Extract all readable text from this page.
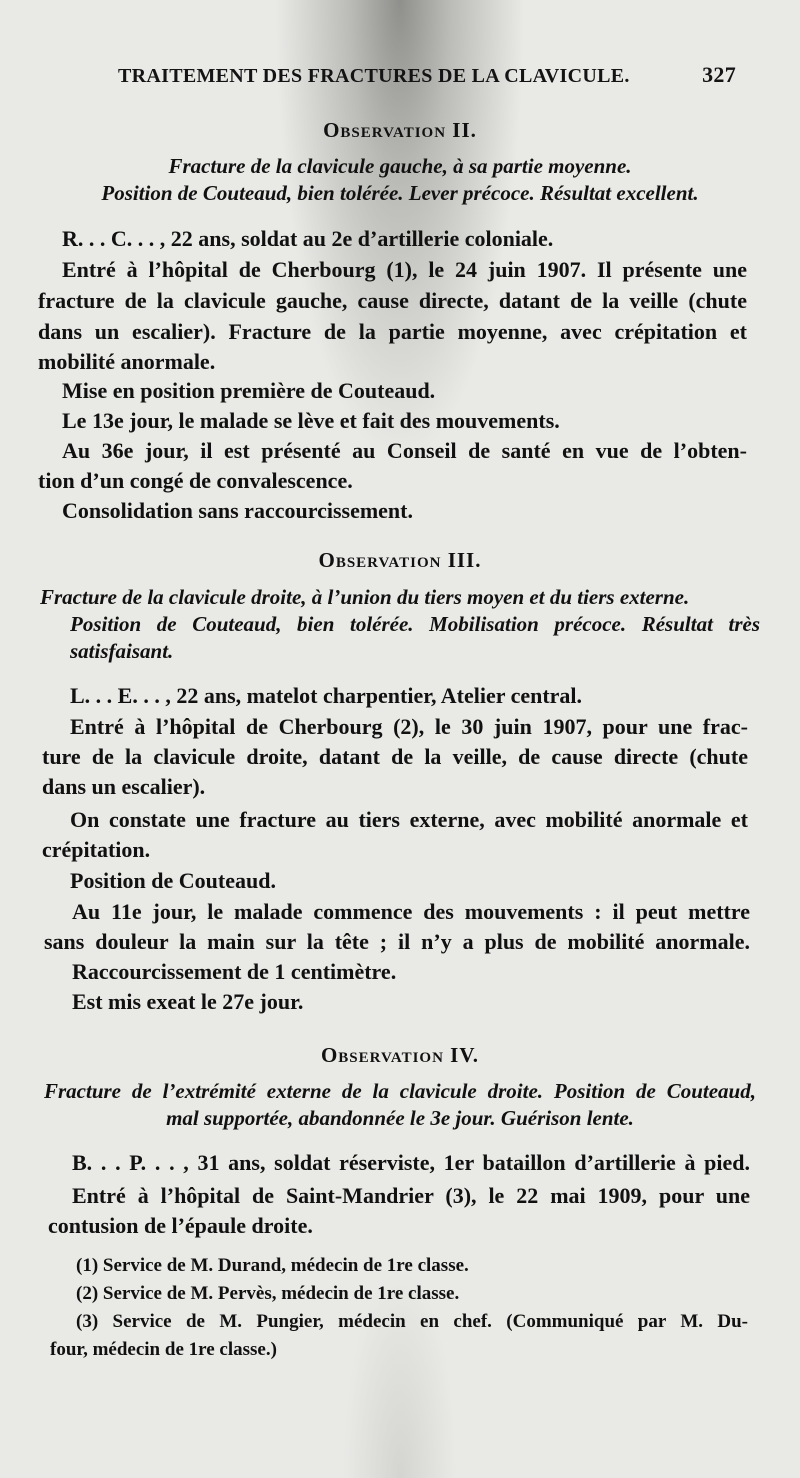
TRAITEMENT DES FRACTURES DE LA CLAVICULE.	327
Observation II.
Fracture de la clavicule gauche, à sa partie moyenne.
Position de Couteaud, bien tolérée. Lever précoce. Résultat excellent.
R. . . C. . . , 22 ans, soldat au 2e d’artillerie coloniale.
Entré à l’hôpital de Cherbourg (1), le 24 juin 1907. Il présente une
fracture de la clavicule gauche, cause directe, datant de la veille (chute
dans un escalier). Fracture de la partie moyenne, avec crépitation et
mobilité anormale.
Mise en position première de Couteaud.
Le 13e jour, le malade se lève et fait des mouvements.
Au 36e jour, il est présenté au Conseil de santé en vue de l’obten-
tion d’un congé de convalescence.
Consolidation sans raccourcissement.
Observation III.
Fracture de la clavicule droite, à l’union du tiers moyen et du tiers externe.
Position de Couteaud, bien tolérée. Mobilisation précoce. Résultat très
satisfaisant.
L. . . E. . . , 22 ans, matelot charpentier, Atelier central.
Entré à l’hôpital de Cherbourg (2), le 30 juin 1907, pour une frac-
ture de la clavicule droite, datant de la veille, de cause directe (chute
dans un escalier).
On constate une fracture au tiers externe, avec mobilité anormale et
crépitation.
Position de Couteaud.
Au 11e jour, le malade commence des mouvements : il peut mettre
sans douleur la main sur la tête ; il n’y a plus de mobilité anormale.
Raccourcissement de 1 centimètre.
Est mis exeat le 27e jour.
Observation IV.
Fracture de l’extrémité externe de la clavicule droite. Position de Couteaud,
mal supportée, abandonnée le 3e jour. Guérison lente.
B. . . P. . . , 31 ans, soldat réserviste, 1er bataillon d’artillerie à pied.
Entré à l’hôpital de Saint-Mandrier (3), le 22 mai 1909, pour une
contusion de l’épaule droite.
(1) Service de M. Durand, médecin de 1re classe.
(2) Service de M. Pervès, médecin de 1re classe.
(3) Service de M. Pungier, médecin en chef. (Communiqué par M. Du-
four, médecin de 1re classe.)
